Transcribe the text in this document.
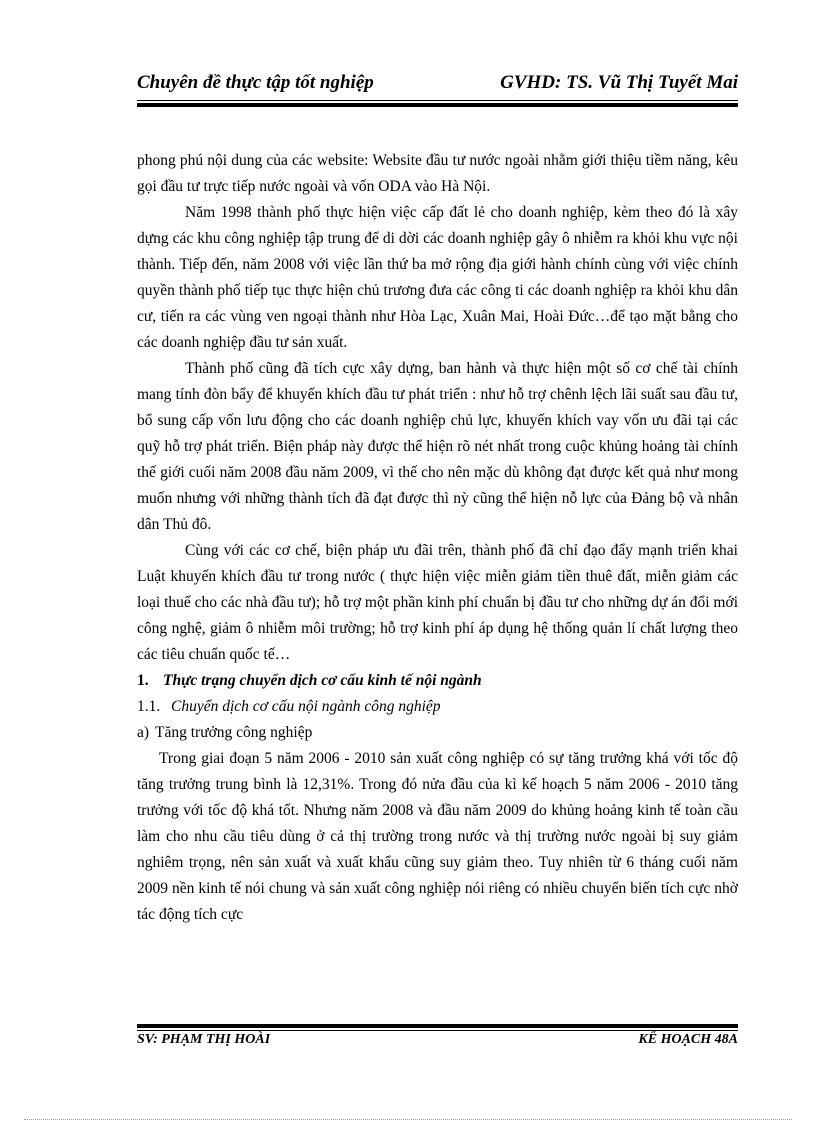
Chuyên đề thực tập tốt nghiệp	GVHD: TS. Vũ Thị Tuyết Mai

phong phú nội dung của các website: Website đầu tư nước ngoài nhằm giới thiệu tiềm năng, kêu gọi đầu tư trực tiếp nước ngoài và vốn ODA vào Hà Nội.

Năm 1998 thành phố thực hiện việc cấp đất lẻ cho doanh nghiệp, kèm theo đó là xây dựng các khu công nghiệp tập trung để di dời các doanh nghiệp gây ô nhiễm ra khỏi khu vực nội thành. Tiếp đến, năm 2008 với việc lần thứ ba mở rộng địa giới hành chính cùng với việc chính quyền thành phố tiếp tục thực hiện chủ trương đưa các công ti các doanh nghiệp ra khỏi khu dân cư, tiến ra các vùng ven ngoại thành như Hòa Lạc, Xuân Mai, Hoài Đức…để tạo mặt bằng cho các doanh nghiệp đầu tư sản xuất.

Thành phố cũng đã tích cực xây dựng, ban hành và thực hiện một số cơ chế tài chính mang tính đòn bẩy để khuyến khích đầu tư phát triển : như hỗ trợ chênh lệch lãi suất sau đầu tư, bổ sung cấp vốn lưu động cho các doanh nghiệp chủ lực, khuyến khích vay vốn ưu đãi tại các quỹ hỗ trợ phát triển. Biện pháp này được thể hiện rõ nét nhất trong cuộc khủng hoảng tài chính thế giới cuối năm 2008 đầu năm 2009, vì thế cho nên mặc dù không đạt được kết quả như mong muốn nhưng với những thành tích đã đạt được thì nỳ cũng thể hiện nỗ lực của Đảng bộ và nhân dân Thủ đô.

Cùng với các cơ chế, biện pháp ưu đãi trên, thành phố đã chỉ đạo đẩy mạnh triển khai Luật khuyến khích đầu tư trong nước ( thực hiện việc miễn giảm tiền thuê đất, miễn giảm các loại thuế cho các nhà đầu tư); hỗ trợ một phần kinh phí chuẩn bị đầu tư cho những dự án đổi mới công nghệ, giảm ô nhiễm môi trường; hỗ trợ kinh phí áp dụng hệ thống quản lí chất lượng theo các tiêu chuẩn quốc tế…

1. Thực trạng chuyển dịch cơ cấu kinh tế nội ngành

1.1. Chuyển dịch cơ cấu nội ngành công nghiệp

a) Tăng trưởng công nghiệp

Trong giai đoạn 5 năm 2006 - 2010 sản xuất công nghiệp có sự tăng trưởng khá với tốc độ tăng trưởng trung bình là 12,31%. Trong đó nửa đầu của kì kế hoạch 5 năm 2006 - 2010 tăng trưởng với tốc độ khá tốt. Nhưng năm 2008 và đầu năm 2009 do khủng hoảng kinh tế toàn cầu làm cho nhu cầu tiêu dùng ở cả thị trường trong nước và thị trường nước ngoài bị suy giảm nghiêm trọng, nên sản xuất và xuất khẩu cũng suy giảm theo. Tuy nhiên từ 6 tháng cuối năm 2009 nền kinh tế nói chung và sản xuất công nghiệp nói riêng có nhiều chuyển biến tích cực nhờ tác động tích cực

SV: PHẠM THỊ HOÀI	KẾ HOẠCH 48A
